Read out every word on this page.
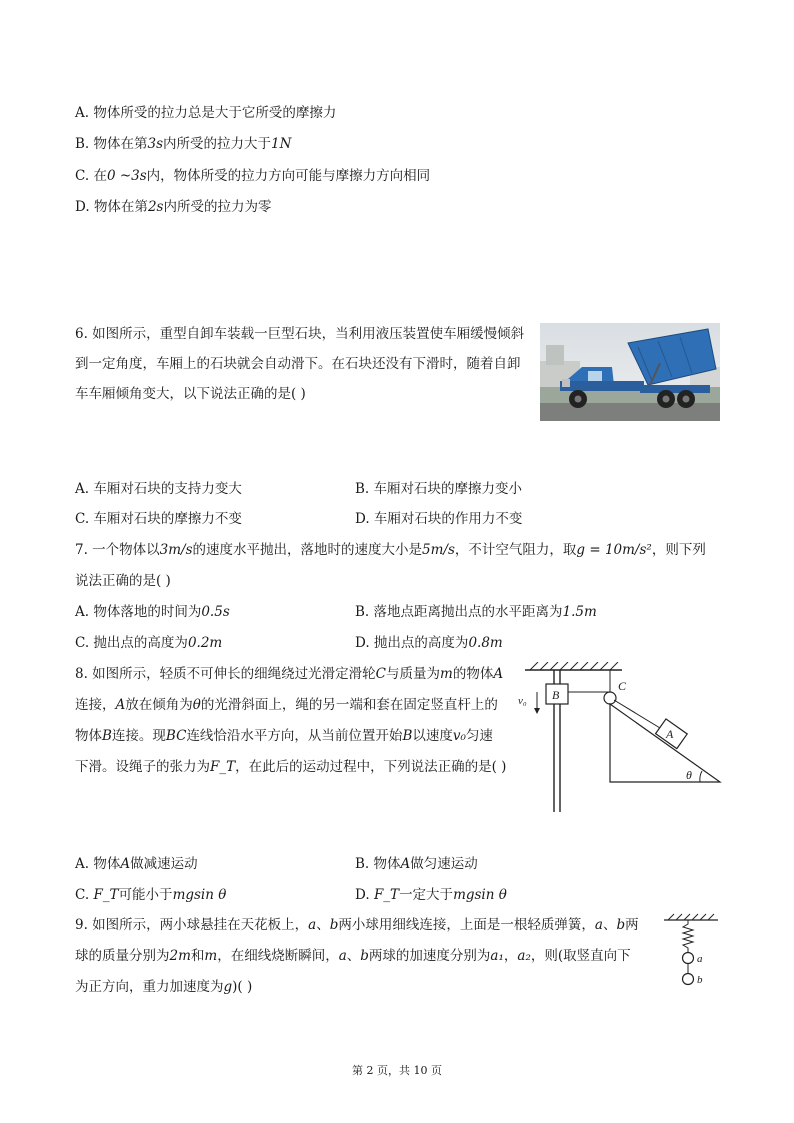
A. 物体所受的拉力总是大于它所受的摩擦力
B. 物体在第3s内所受的拉力大于1N
C. 在0 ~3s内，物体所受的拉力方向可能与摩擦力方向相同
D. 物体在第2s内所受的拉力为零
6. 如图所示，重型自卸车装载一巨型石块，当利用液压装置使车厢缓慢倾斜
到一定角度，车厢上的石块就会自动滑下。在石块还没有下滑时，随着自卸
车车厢倾角变大，以下说法正确的是( )
A. 车厢对石块的支持力变大	B. 车厢对石块的摩擦力变小
C. 车厢对石块的摩擦力不变	D. 车厢对石块的作用力不变
7. 一个物体以3m/s的速度水平抛出，落地时的速度大小是5m/s，不计空气阻力，取g = 10m/s²，则下列
说法正确的是( )
A. 物体落地的时间为0.5s	B. 落地点距离抛出点的水平距离为1.5m
C. 抛出点的高度为0.2m	D. 抛出点的高度为0.8m
8. 如图所示，轻质不可伸长的细绳绕过光滑定滑轮C与质量为m的物体A
连接，A放在倾角为θ的光滑斜面上，绳的另一端和套在固定竖直杆上的
物体B连接。现BC连线恰沿水平方向，从当前位置开始B以速度v₀匀速
下滑。设绳子的张力为F_T，在此后的运动过程中，下列说法正确的是( )
B
v₀
C
A
θ
A. 物体A做减速运动	B. 物体A做匀速运动
C. F_T可能小于mgsin θ	D. F_T一定大于mgsin θ
9. 如图所示，两小球悬挂在天花板上，a、b两小球用细线连接，上面是一根轻质弹簧，a、b两
球的质量分别为2m和m，在细线烧断瞬间，a、b两球的加速度分别为a₁，a₂，则(取竖直向下
为正方向，重力加速度为g)( )
a
b
第 2 页，共 10 页
